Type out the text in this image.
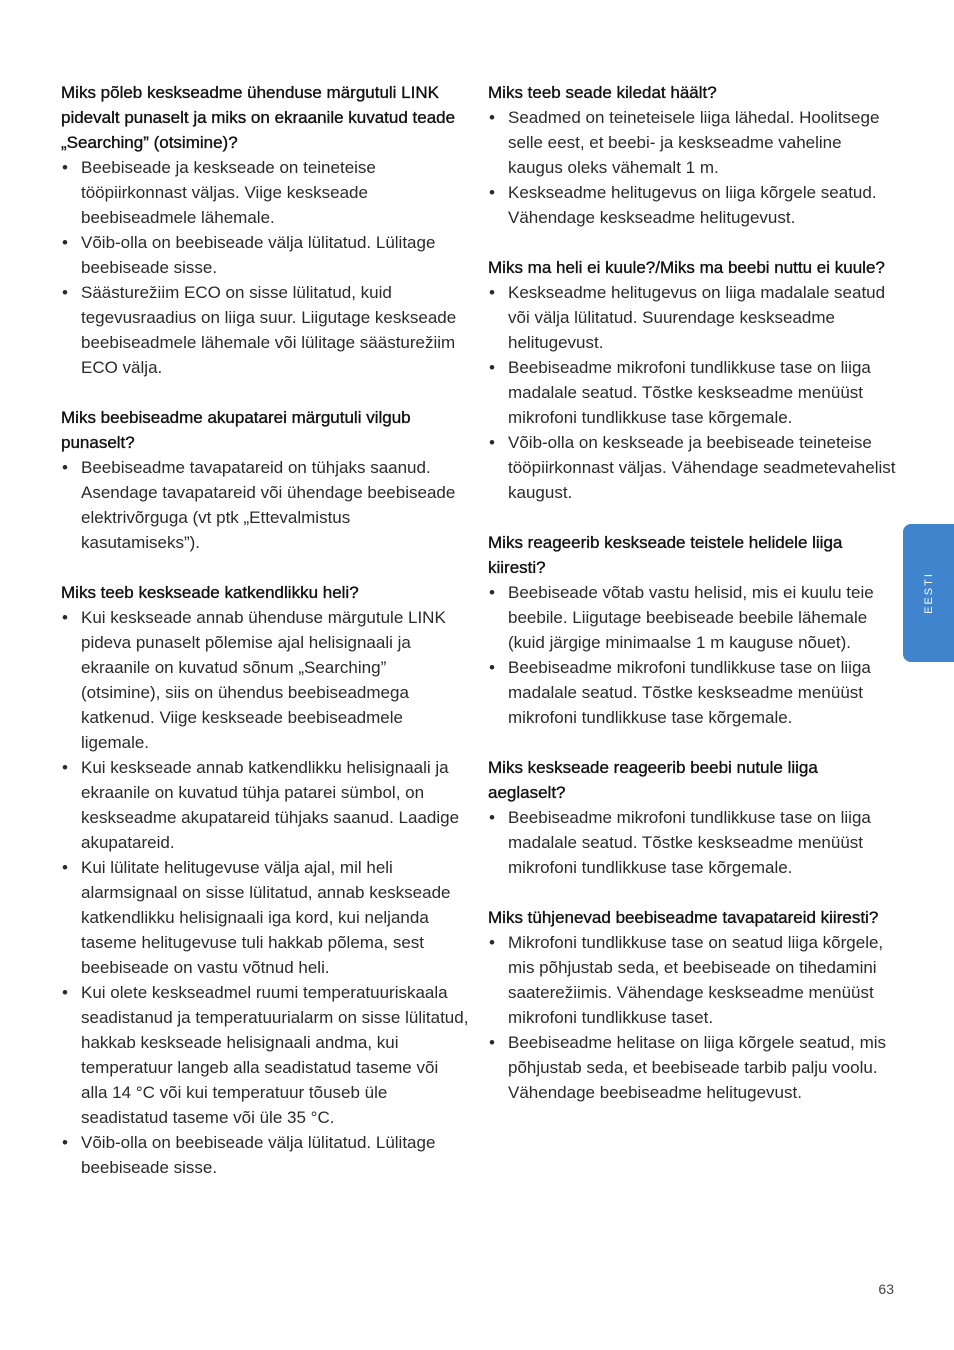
Miks põleb keskseadme ühenduse märgutuli LINK pidevalt punaselt ja miks on ekraanile kuvatud teade „Searching” (otsimine)?

• Beebiseade ja keskseade on teineteise tööpiirkonnast väljas. Viige keskseade beebiseadmele lähemale.
• Võib-olla on beebiseade välja lülitatud. Lülitage beebiseade sisse.
• Säästurežiim ECO on sisse lülitatud, kuid tegevusraadius on liiga suur. Liigutage keskseade beebiseadmele lähemale või lülitage säästurežiim ECO välja.

Miks beebiseadme akupatarei märgutuli vilgub punaselt?

• Beebiseadme tavapatareid on tühjaks saanud. Asendage tavapatareid või ühendage beebiseade elektrivõrguga (vt ptk „Ettevalmistus kasutamiseks”).

Miks teeb keskseade katkendlikku heli?

• Kui keskseade annab ühenduse märgutule LINK pideva punaselt põlemise ajal helisignaali ja ekraanile on kuvatud sõnum „Searching” (otsimine), siis on ühendus beebiseadmega katkenud. Viige keskseade beebiseadmele ligemale.
• Kui keskseade annab katkendlikku helisignaali ja ekraanile on kuvatud tühja patarei sümbol, on keskseadme akupatareid tühjaks saanud. Laadige akupatareid.
• Kui lülitate helitugevuse välja ajal, mil heli alarmsignaal on sisse lülitatud, annab keskseade katkendlikku helisignaali iga kord, kui neljanda taseme helitugevuse tuli hakkab põlema, sest beebiseade on vastu võtnud heli.
• Kui olete keskseadmel ruumi temperatuuriskaala seadistanud ja temperatuurialarm on sisse lülitatud, hakkab keskseade helisignaali andma, kui temperatuur langeb alla seadistatud taseme või alla 14 °C või kui temperatuur tõuseb üle seadistatud taseme või üle 35 °C.
• Võib-olla on beebiseade välja lülitatud. Lülitage beebiseade sisse.

Miks teeb seade kiledat häält?

• Seadmed on teineteisele liiga lähedal. Hoolitsege selle eest, et beebi- ja keskseadme vaheline kaugus oleks vähemalt 1 m.
• Keskseadme helitugevus on liiga kõrgele seatud. Vähendage keskseadme helitugevust.

Miks ma heli ei kuule?/Miks ma beebi nuttu ei kuule?

• Keskseadme helitugevus on liiga madalale seatud või välja lülitatud. Suurendage keskseadme helitugevust.
• Beebiseadme mikrofoni tundlikkuse tase on liiga madalale seatud. Tõstke keskseadme menüüst mikrofoni tundlikkuse tase kõrgemale.
• Võib-olla on keskseade ja beebiseade teineteise tööpiirkonnast väljas. Vähendage seadmetevahelist kaugust.

Miks reageerib keskseade teistele helidele liiga kiiresti?

• Beebiseade võtab vastu helisid, mis ei kuulu teie beebile. Liigutage beebiseade beebile lähemale (kuid järgige minimaalse 1 m kauguse nõuet).
• Beebiseadme mikrofoni tundlikkuse tase on liiga madalale seatud. Tõstke keskseadme menüüst mikrofoni tundlikkuse tase kõrgemale.

Miks keskseade reageerib beebi nutule liiga aeglaselt?

• Beebiseadme mikrofoni tundlikkuse tase on liiga madalale seatud. Tõstke keskseadme menüüst mikrofoni tundlikkuse tase kõrgemale.

Miks tühjenevad beebiseadme tavapatareid kiiresti?

• Mikrofoni tundlikkuse tase on seatud liiga kõrgele, mis põhjustab seda, et beebiseade on tihedamini saaterežiimis. Vähendage keskseadme menüüst mikrofoni tundlikkuse taset.
• Beebiseadme helitase on liiga kõrgele seatud, mis põhjustab seda, et beebiseade tarbib palju voolu. Vähendage beebiseadme helitugevust.
EESTI
63
